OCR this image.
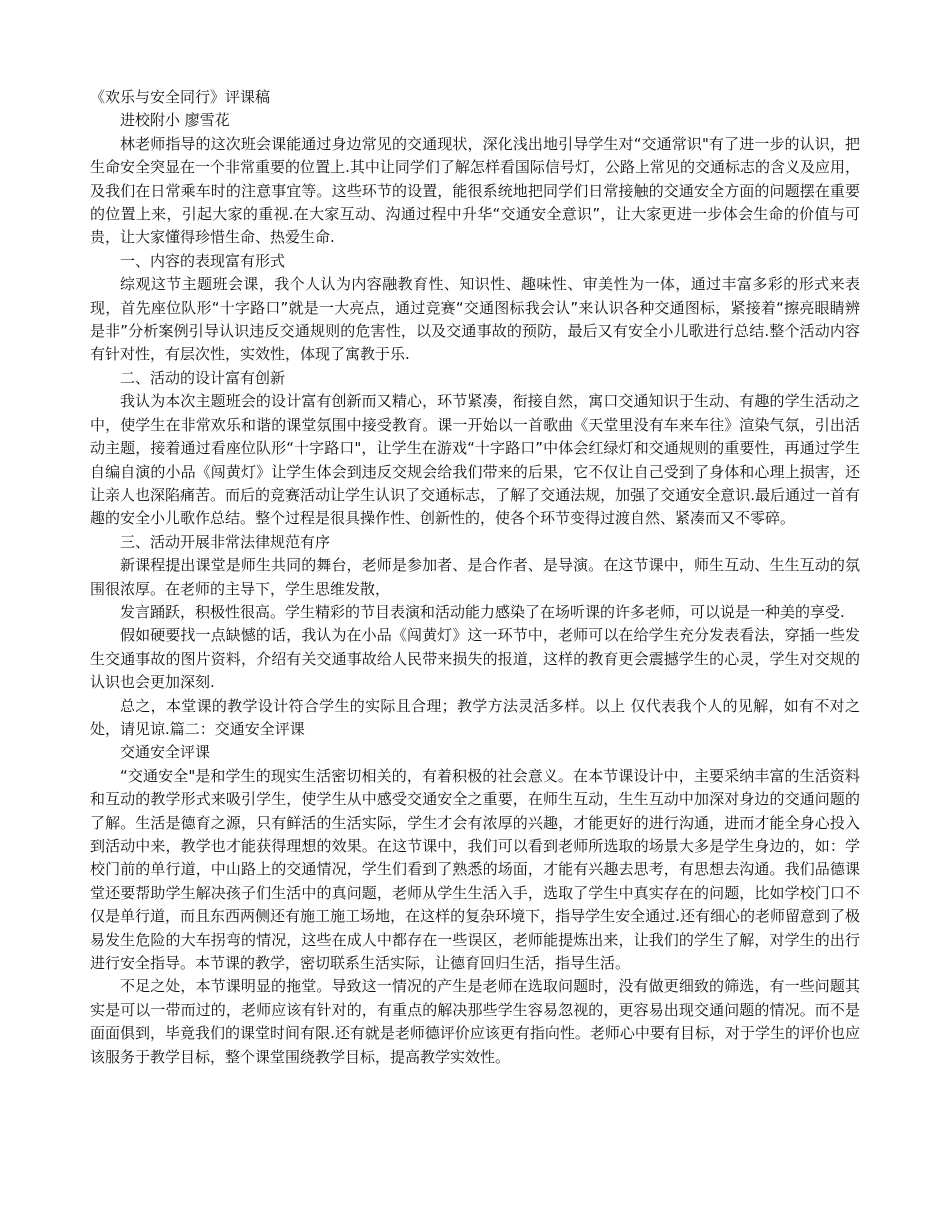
《欢乐与安全同行》评课稿

进校附小 廖雪花

林老师指导的这次班会课能通过身边常见的交通现状，深化浅出地引导学生对“交通常识"有了进一步的认识，把生命安全突显在一个非常重要的位置上.其中让同学们了解怎样看国际信号灯，公路上常见的交通标志的含义及应用，及我们在日常乘车时的注意事宜等。这些环节的设置，能很系统地把同学们日常接触的交通安全方面的问题摆在重要的位置上来，引起大家的重视.在大家互动、沟通过程中升华“交通安全意识”，让大家更进一步体会生命的价值与可贵，让大家懂得珍惜生命、热爱生命.

一、内容的表现富有形式

综观这节主题班会课，我个人认为内容融教育性、知识性、趣味性、审美性为一体，通过丰富多彩的形式来表现，首先座位队形“十字路口”就是一大亮点，通过竞赛“交通图标我会认”来认识各种交通图标，紧接着“擦亮眼睛辨是非”分析案例引导认识违反交通规则的危害性，以及交通事故的预防，最后又有安全小儿歌进行总结.整个活动内容有针对性，有层次性，实效性，体现了寓教于乐.

二、活动的设计富有创新

我认为本次主题班会的设计富有创新而又精心，环节紧凑，衔接自然，寓口交通知识于生动、有趣的学生活动之中，使学生在非常欢乐和谐的课堂氛围中接受教育。课一开始以一首歌曲《天堂里没有车来车往》渲染气氛，引出活动主题，接着通过看座位队形“十字路口"，让学生在游戏“十字路口”中体会红绿灯和交通规则的重要性，再通过学生自编自演的小品《闯黄灯》让学生体会到违反交规会给我们带来的后果，它不仅让自己受到了身体和心理上损害，还让亲人也深陷痛苦。而后的竞赛活动让学生认识了交通标志，了解了交通法规，加强了交通安全意识.最后通过一首有趣的安全小儿歌作总结。整个过程是很具操作性、创新性的，使各个环节变得过渡自然、紧凑而又不零碎。

三、活动开展非常法律规范有序

新课程提出课堂是师生共同的舞台，老师是参加者、是合作者、是导演。在这节课中，师生互动、生生互动的氛围很浓厚。在老师的主导下，学生思维发散，

发言踊跃，积极性很高。学生精彩的节目表演和活动能力感染了在场听课的许多老师，可以说是一种美的享受.

假如硬要找一点缺憾的话，我认为在小品《闯黄灯》这一环节中，老师可以在给学生充分发表看法，穿插一些发生交通事故的图片资料，介绍有关交通事故给人民带来损失的报道，这样的教育更会震撼学生的心灵，学生对交规的认识也会更加深刻.

总之，本堂课的教学设计符合学生的实际且合理；教学方法灵活多样。以上 仅代表我个人的见解，如有不对之处，请见谅.篇二：交通安全评课

交通安全评课

“交通安全"是和学生的现实生活密切相关的，有着积极的社会意义。在本节课设计中，主要采纳丰富的生活资料和互动的教学形式来吸引学生，使学生从中感受交通安全之重要，在师生互动，生生互动中加深对身边的交通问题的了解。生活是德育之源，只有鲜活的生活实际，学生才会有浓厚的兴趣，才能更好的进行沟通，进而才能全身心投入到活动中来，教学也才能获得理想的效果。在这节课中，我们可以看到老师所选取的场景大多是学生身边的，如：学校门前的单行道，中山路上的交通情况，学生们看到了熟悉的场面，才能有兴趣去思考，有思想去沟通。我们品德课堂还要帮助学生解决孩子们生活中的真问题，老师从学生生活入手，选取了学生中真实存在的问题，比如学校门口不仅是单行道，而且东西两侧还有施工施工场地，在这样的复杂环境下，指导学生安全通过.还有细心的老师留意到了极易发生危险的大车拐弯的情况，这些在成人中都存在一些误区，老师能提炼出来，让我们的学生了解，对学生的出行进行安全指导。本节课的教学，密切联系生活实际，让德育回归生活，指导生活。

不足之处，本节课明显的拖堂。导致这一情况的产生是老师在选取问题时，没有做更细致的筛选，有一些问题其实是可以一带而过的，老师应该有针对的，有重点的解决那些学生容易忽视的，更容易出现交通问题的情况。而不是面面俱到，毕竟我们的课堂时间有限.还有就是老师德评价应该更有指向性。老师心中要有目标，对于学生的评价也应该服务于教学目标，整个课堂围绕教学目标，提高教学实效性。
